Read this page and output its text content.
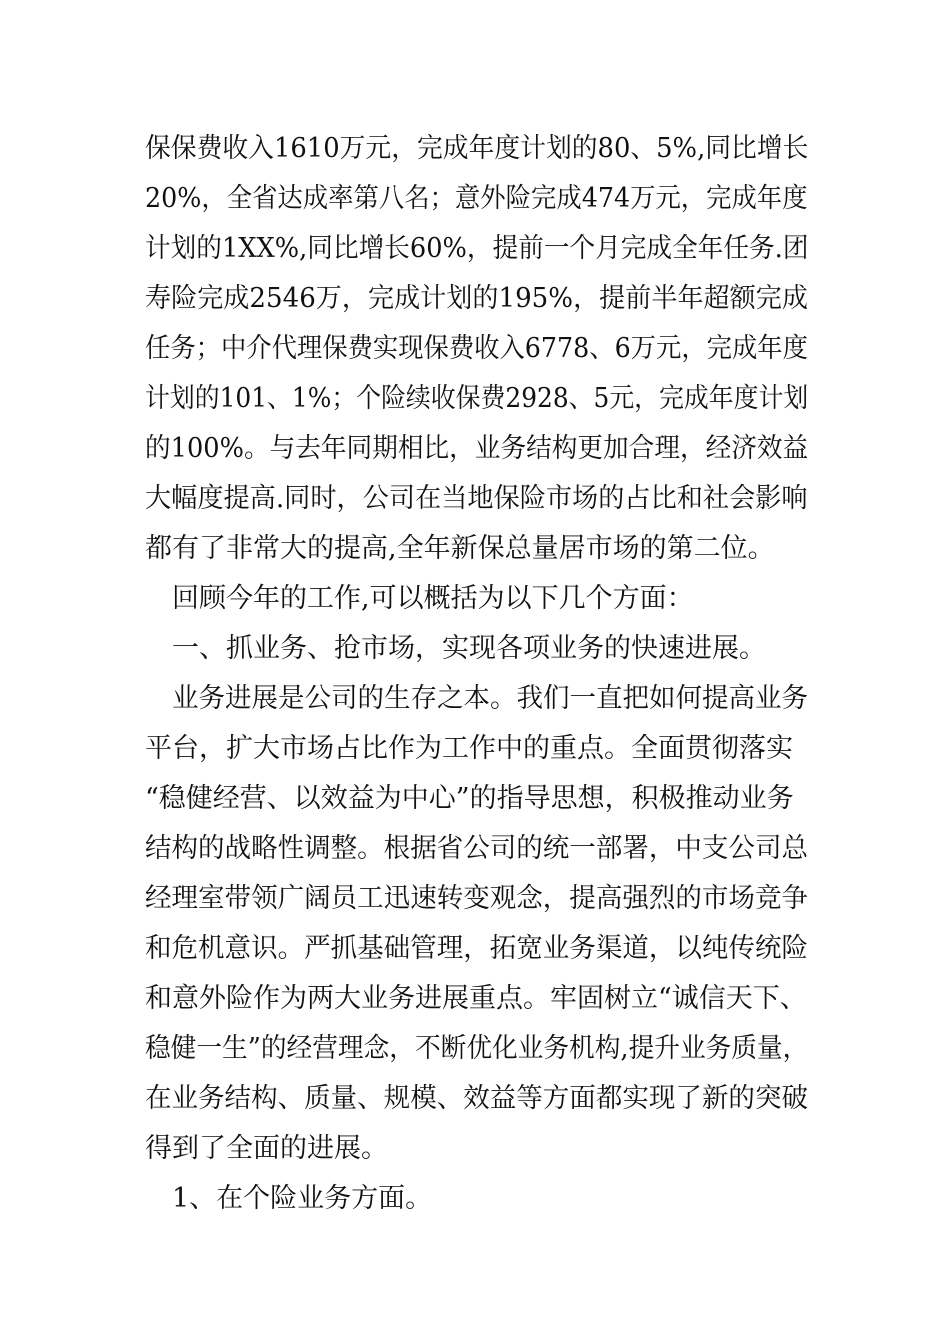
保保费收入1610万元，完成年度计划的80、5%,同比增长
20%，全省达成率第八名；意外险完成474万元，完成年度
计划的1XX%,同比增长60%，提前一个月完成全年任务.团
寿险完成2546万，完成计划的195%，提前半年超额完成
任务；中介代理保费实现保费收入6778、6万元，完成年度
计划的101、1%；个险续收保费2928、5元，完成年度计划
的100%。与去年同期相比，业务结构更加合理，经济效益
大幅度提高.同时，公司在当地保险市场的占比和社会影响
都有了非常大的提高,全年新保总量居市场的第二位。
回顾今年的工作,可以概括为以下几个方面：
一、抓业务、抢市场，实现各项业务的快速进展。
业务进展是公司的生存之本。我们一直把如何提高业务
平台，扩大市场占比作为工作中的重点。全面贯彻落实
“稳健经营、以效益为中心”的指导思想，积极推动业务
结构的战略性调整。根据省公司的统一部署，中支公司总
经理室带领广阔员工迅速转变观念，提高强烈的市场竞争
和危机意识。严抓基础管理，拓宽业务渠道，以纯传统险
和意外险作为两大业务进展重点。牢固树立“诚信天下、
稳健一生”的经营理念，不断优化业务机构,提升业务质量，
在业务结构、质量、规模、效益等方面都实现了新的突破
得到了全面的进展。
1、在个险业务方面。
